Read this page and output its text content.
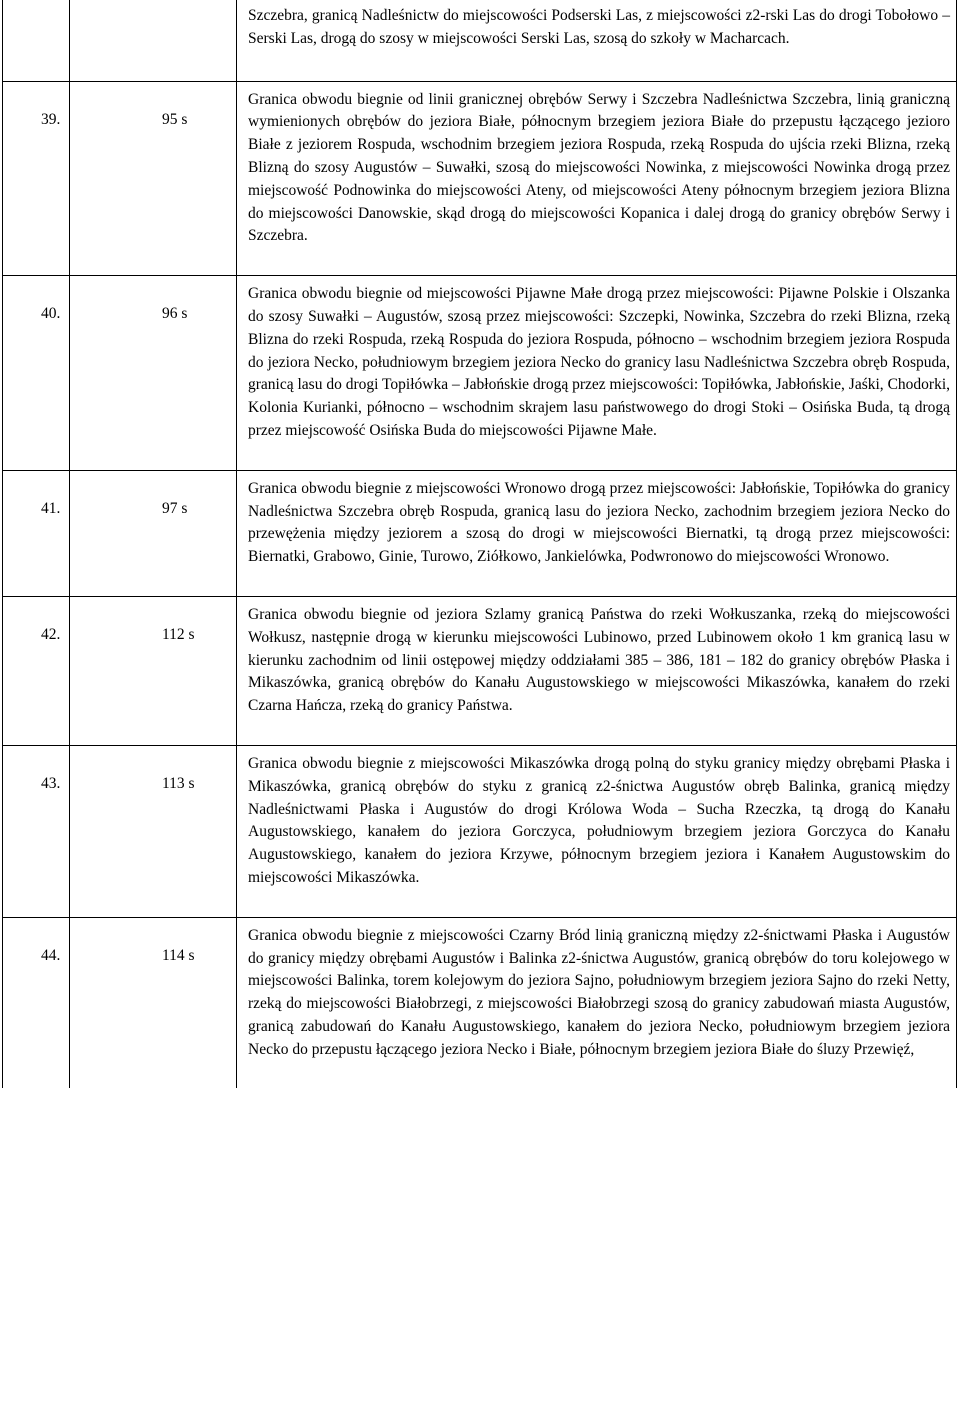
		Szczebra, granicą Nadleśnictw do miejscowości Podserski Las, z miejscowości z2-rski Las do drogi Tobołowo – Serski Las, drogą do szosy w miejscowości Serski Las, szosą do szkoły w Macharcach.
39.	95 s	Granica obwodu biegnie od linii granicznej obrębów Serwy i Szczebra Nadleśnictwa Szczebra, linią graniczną wymienionych obrębów do jeziora Białe, północnym brzegiem jeziora Białe do przepustu łączącego jezioro Białe z jeziorem Rospuda, wschodnim brzegiem jeziora Rospuda, rzeką Rospuda do ujścia rzeki Blizna, rzeką Blizną do szosy Augustów – Suwałki, szosą do miejscowości Nowinka, z miejscowości Nowinka drogą przez miejscowość Podnowinka do miejscowości Ateny, od miejscowości Ateny północnym brzegiem jeziora Blizna do miejscowości Danowskie, skąd drogą do miejscowości Kopanica i dalej drogą do granicy obrębów Serwy i Szczebra.
40.	96 s	Granica obwodu biegnie od miejscowości Pijawne Małe drogą przez miejscowości: Pijawne Polskie i Olszanka do szosy Suwałki – Augustów, szosą przez miejscowości: Szczepki, Nowinka, Szczebra do rzeki Blizna, rzeką Blizna do rzeki Rospuda, rzeką Rospuda do jeziora Rospuda, północno – wschodnim brzegiem jeziora Rospuda do jeziora Necko, południowym brzegiem jeziora Necko do granicy lasu Nadleśnictwa Szczebra obręb Rospuda, granicą lasu do drogi Topiłówka – Jabłońskie drogą przez miejscowości: Topiłówka, Jabłońskie, Jaśki, Chodorki, Kolonia Kurianki, północno – wschodnim skrajem lasu państwowego do drogi Stoki – Osińska Buda, tą drogą przez miejscowość Osińska Buda do miejscowości Pijawne Małe.
41.	97 s	Granica obwodu biegnie z miejscowości Wronowo drogą przez miejscowości: Jabłońskie, Topiłówka do granicy Nadleśnictwa Szczebra obręb Rospuda, granicą lasu do jeziora Necko, zachodnim brzegiem jeziora Necko do przewężenia między jeziorem a szosą do drogi w miejscowości Biernatki, tą drogą przez miejscowości: Biernatki, Grabowo, Ginie, Turowo, Ziółkowo, Jankielówka, Podwronowo do miejscowości Wronowo.
42.	112 s	Granica obwodu biegnie od jeziora Szlamy granicą Państwa do rzeki Wołkuszanka, rzeką do miejscowości Wołkusz, następnie drogą w kierunku miejscowości Lubinowo, przed Lubinowem około 1 km granicą lasu w kierunku zachodnim od linii ostępowej między oddziałami 385 – 386, 181 – 182 do granicy obrębów Płaska i Mikaszówka, granicą obrębów do Kanału Augustowskiego w miejscowości Mikaszówka, kanałem do rzeki Czarna Hańcza, rzeką do granicy Państwa.
43.	113 s	Granica obwodu biegnie z miejscowości Mikaszówka drogą polną do styku granicy między obrębami Płaska i Mikaszówka, granicą obrębów do styku z granicą z2-śnictwa Augustów obręb Balinka, granicą między Nadleśnictwami Płaska i Augustów do drogi Królowa Woda – Sucha Rzeczka, tą drogą do Kanału Augustowskiego, kanałem do jeziora Gorczyca, południowym brzegiem jeziora Gorczyca do Kanału Augustowskiego, kanałem do jeziora Krzywe, północnym brzegiem jeziora i Kanałem Augustowskim do miejscowości Mikaszówka.
44.	114 s	Granica obwodu biegnie z miejscowości Czarny Bród linią graniczną między z2-śnictwami Płaska i Augustów do granicy między obrębami Augustów i Balinka z2-śnictwa Augustów, granicą obrębów do toru kolejowego w miejscowości Balinka, torem kolejowym do jeziora Sajno, południowym brzegiem jeziora Sajno do rzeki Netty, rzeką do miejscowości Białobrzegi, z miejscowości Białobrzegi szosą do granicy zabudowań miasta Augustów, granicą zabudowań do Kanału Augustowskiego, kanałem do jeziora Necko, południowym brzegiem jeziora Necko do przepustu łączącego jeziora Necko i Białe, północnym brzegiem jeziora Białe do śluzy Przewięź,
